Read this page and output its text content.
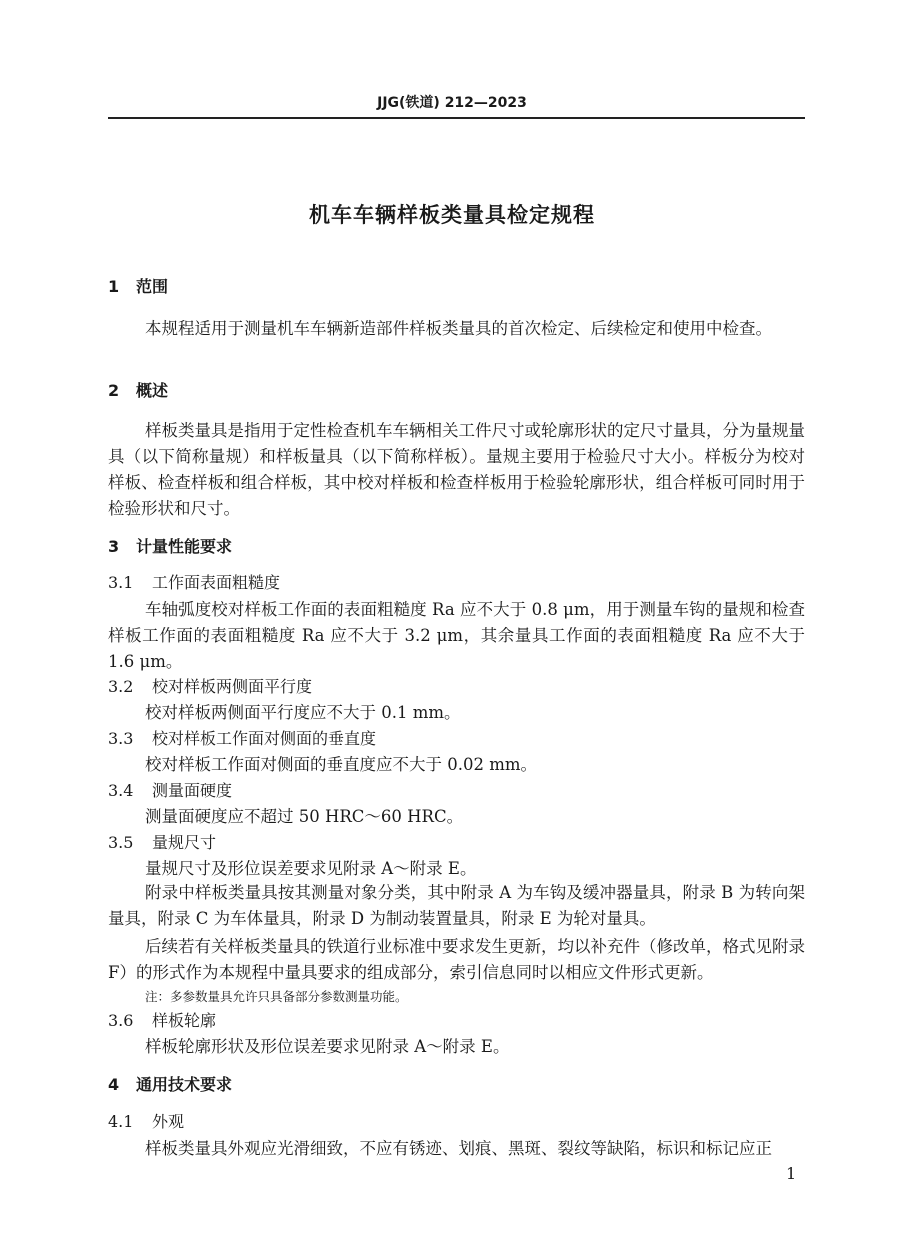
JJG(铁道) 212—2023
机车车辆样板类量具检定规程
1 范围
本规程适用于测量机车车辆新造部件样板类量具的首次检定、后续检定和使用中检查。
2 概述
样板类量具是指用于定性检查机车车辆相关工件尺寸或轮廓形状的定尺寸量具，分为量规量具（以下简称量规）和样板量具（以下简称样板）。量规主要用于检验尺寸大小。样板分为校对样板、检查样板和组合样板，其中校对样板和检查样板用于检验轮廓形状，组合样板可同时用于检验形状和尺寸。
3 计量性能要求
3.1 工作面表面粗糙度
车轴弧度校对样板工作面的表面粗糙度 Ra 应不大于 0.8 μm，用于测量车钩的量规和检查样板工作面的表面粗糙度 Ra 应不大于 3.2 μm，其余量具工作面的表面粗糙度 Ra 应不大于 1.6 μm。
3.2 校对样板两侧面平行度
校对样板两侧面平行度应不大于 0.1 mm。
3.3 校对样板工作面对侧面的垂直度
校对样板工作面对侧面的垂直度应不大于 0.02 mm。
3.4 测量面硬度
测量面硬度应不超过 50 HRC～60 HRC。
3.5 量规尺寸
量规尺寸及形位误差要求见附录 A～附录 E。
附录中样板类量具按其测量对象分类，其中附录 A 为车钩及缓冲器量具，附录 B 为转向架量具，附录 C 为车体量具，附录 D 为制动装置量具，附录 E 为轮对量具。
后续若有关样板类量具的铁道行业标准中要求发生更新，均以补充件（修改单，格式见附录 F）的形式作为本规程中量具要求的组成部分，索引信息同时以相应文件形式更新。
注：多参数量具允许只具备部分参数测量功能。
3.6 样板轮廓
样板轮廓形状及形位误差要求见附录 A～附录 E。
4 通用技术要求
4.1 外观
样板类量具外观应光滑细致，不应有锈迹、划痕、黑斑、裂纹等缺陷，标识和标记应正
1
